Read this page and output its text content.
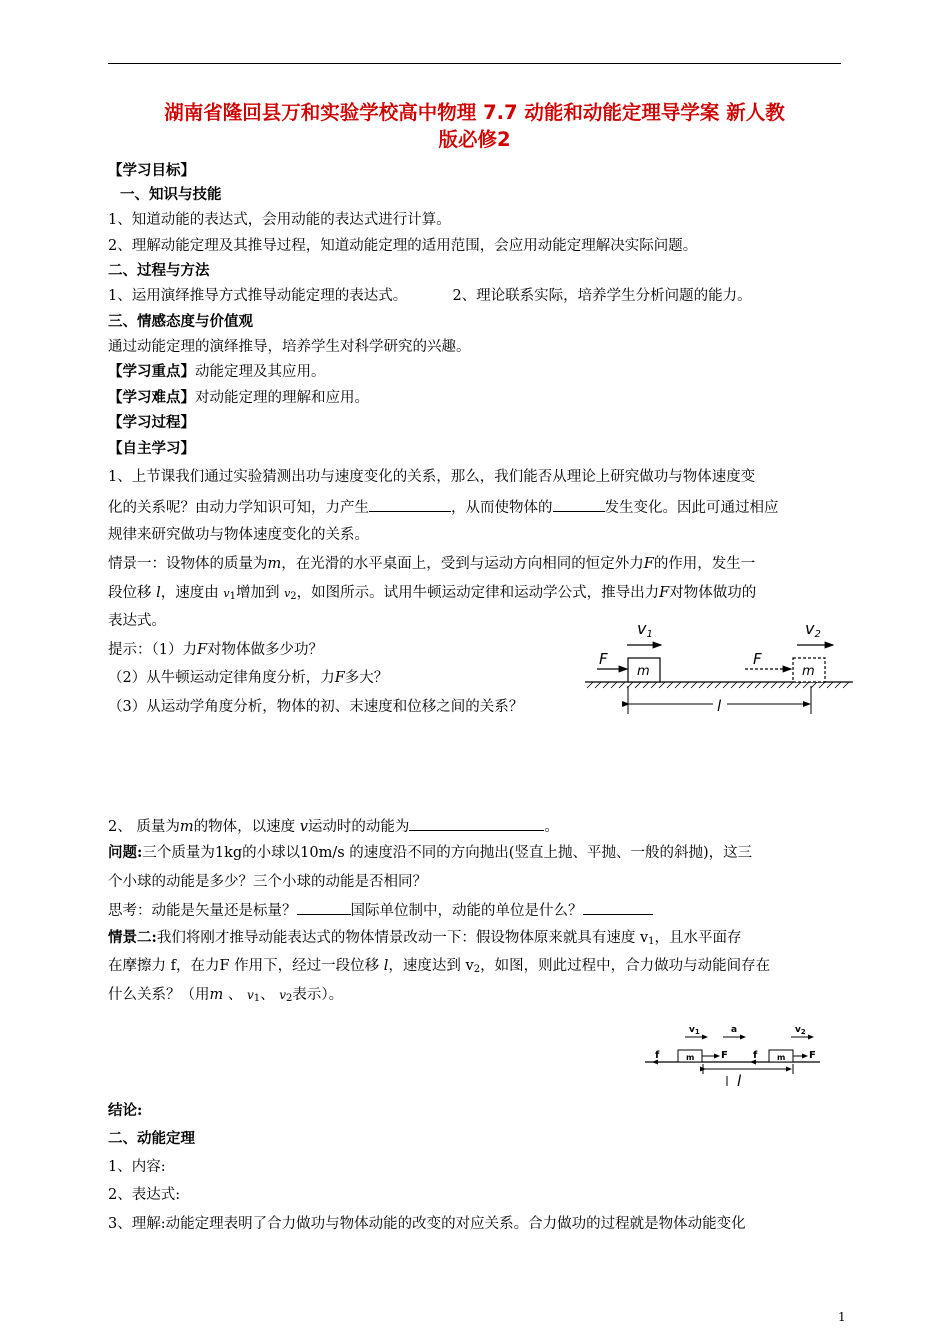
湖南省隆回县万和实验学校高中物理 7.7 动能和动能定理导学案 新人教
版必修2
【学习目标】
一、知识与技能
1、知道动能的表达式，会用动能的表达式进行计算。
2、理解动能定理及其推导过程，知道动能定理的适用范围，会应用动能定理解决实际问题。
二、过程与方法
1、运用演绎推导方式推导动能定理的表达式。	2、理论联系实际，培养学生分析问题的能力。
三、情感态度与价值观
通过动能定理的演绎推导，培养学生对科学研究的兴趣。
【学习重点】动能定理及其应用。
【学习难点】对动能定理的理解和应用。
【学习过程】
【自主学习】
1、上节课我们通过实验猜测出功与速度变化的关系，那么，我们能否从理论上研究做功与物体速度变
化的关系呢？由动力学知识可知，力产生	，从而使物体的	发生变化。因此可通过相应
规律来研究做功与物体速度变化的关系。
情景一：设物体的质量为m，在光滑的水平桌面上，受到与运动方向相同的恒定外力F的作用，发生一
段位移 l，速度由 $v_1$增加到 $v_2$，如图所示。试用牛顿运动定律和运动学公式，推导出力F对物体做功的
表达式。
提示：（1）力F对物体做多少功？
（2）从牛顿运动定律角度分析，力F多大？
（3）从运动学角度分析，物体的初、末速度和位移之间的关系？
v1	v2
m
F
m
F
l
2、 质量为m的物体，以速度 v运动时的动能为	。
问题:三个质量为1kg的小球以10m/s 的速度沿不同的方向抛出(竖直上抛、平抛、一般的斜抛)，这三
个小球的动能是多少？三个小球的动能是否相同？
思考：动能是矢量还是标量？	国际单位制中，动能的单位是什么？
情景二:我们将刚才推导动能表达式的物体情景改动一下：假设物体原来就具有速度 $v_1$，且水平面存
在摩擦力 f，在力F 作用下，经过一段位移 l，速度达到 $v_2$，如图，则此过程中，合力做功与动能间存在
什么关系？（用m 、 $v_1$、 $v_2$表示）。
$v_1$	a	$v_2$
m
f	F	m
f	F
l
结论:
二、动能定理
1、内容:
2、表达式:
3、理解:动能定理表明了合力做功与物体动能的改变的对应关系。合力做功的过程就是物体动能变化
1
